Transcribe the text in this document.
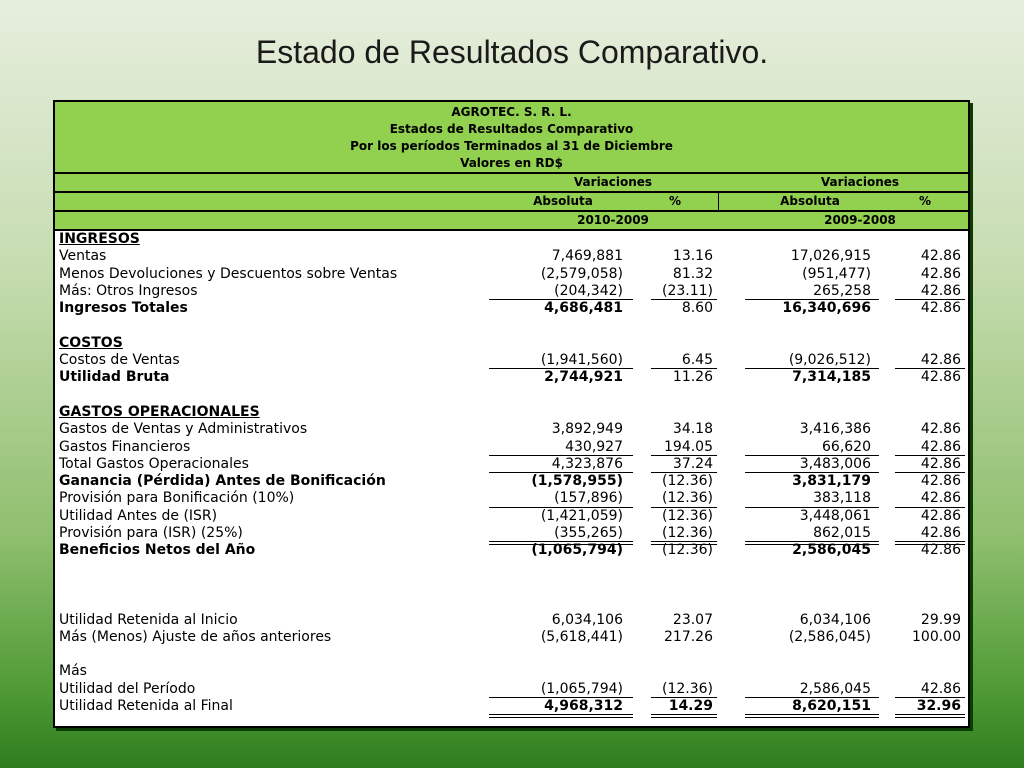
Estado de Resultados Comparativo.
AGROTEC. S. R. L.
Estados de Resultados Comparativo
Por los períodos Terminados al 31 de Diciembre
Valores en RD$
Variaciones	Variaciones
Absoluta	%	Absoluta	%
2010-2009	2009-2008
INGRESOS
Ventas	7,469,881	13.16	17,026,915	42.86
Menos Devoluciones y Descuentos sobre Ventas	(2,579,058)	81.32	(951,477)	42.86
Más: Otros Ingresos	(204,342)	(23.11)	265,258	42.86
Ingresos Totales	4,686,481	8.60	16,340,696	42.86
COSTOS
Costos de Ventas	(1,941,560)	6.45	(9,026,512)	42.86
Utilidad Bruta	2,744,921	11.26	7,314,185	42.86
GASTOS OPERACIONALES
Gastos de Ventas y Administrativos	3,892,949	34.18	3,416,386	42.86
Gastos Financieros	430,927	194.05	66,620	42.86
Total Gastos Operacionales	4,323,876	37.24	3,483,006	42.86
Ganancia (Pérdida) Antes de Bonificación	(1,578,955)	(12.36)	3,831,179	42.86
Provisión para Bonificación (10%)	(157,896)	(12.36)	383,118	42.86
Utilidad Antes de (ISR)	(1,421,059)	(12.36)	3,448,061	42.86
Provisión para (ISR) (25%)	(355,265)	(12.36)	862,015	42.86
Beneficios Netos del Año	(1,065,794)	(12.36)	2,586,045	42.86
Utilidad Retenida al Inicio	6,034,106	23.07	6,034,106	29.99
Más (Menos) Ajuste de años anteriores	(5,618,441)	217.26	(2,586,045)	100.00
Más
Utilidad del Período	(1,065,794)	(12.36)	2,586,045	42.86
Utilidad Retenida al Final	4,968,312	14.29	8,620,151	32.96
